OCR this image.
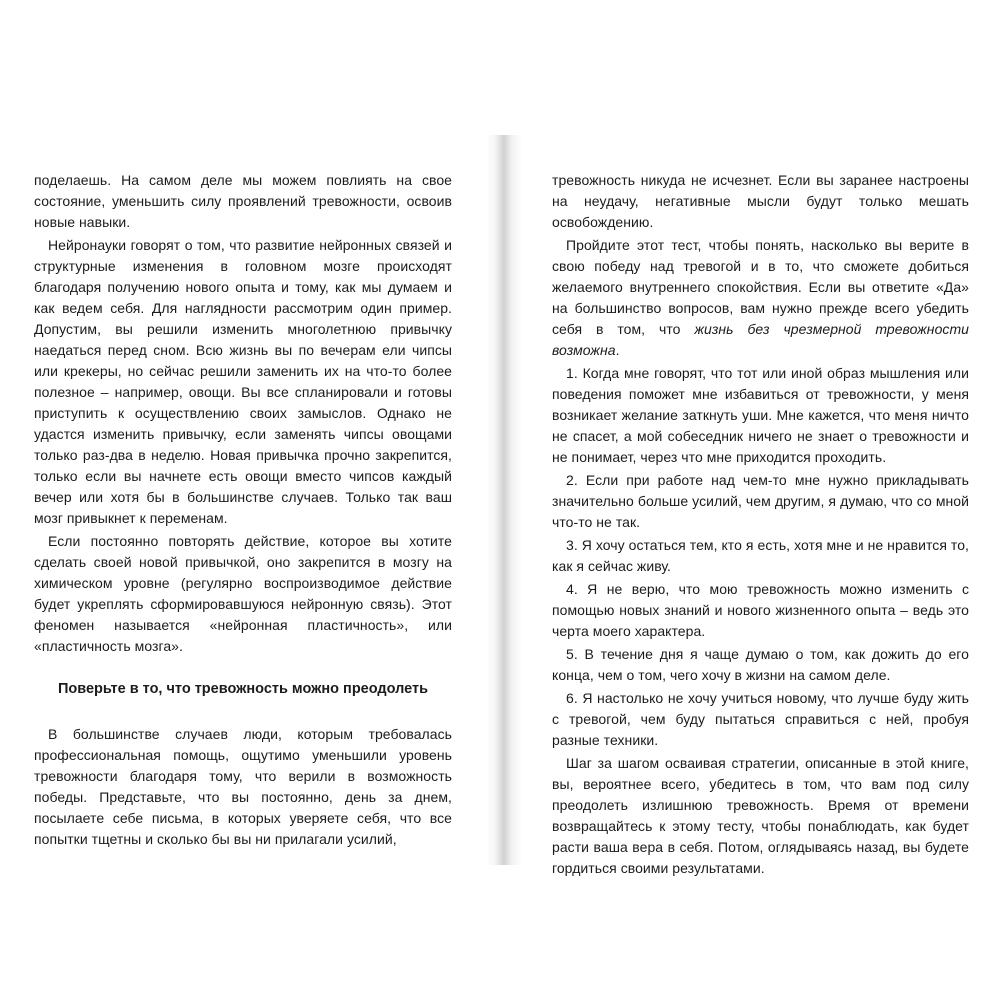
поделаешь. На самом деле мы можем повлиять на свое состояние, уменьшить силу проявлений тревожности, освоив новые навыки.

Нейронауки говорят о том, что развитие нейронных связей и структурные изменения в головном мозге происходят благодаря получению нового опыта и тому, как мы думаем и как ведем себя. Для наглядности рассмотрим один пример. Допустим, вы решили изменить многолетнюю привычку наедаться перед сном. Всю жизнь вы по вечерам ели чипсы или крекеры, но сейчас решили заменить их на что-то более полезное – например, овощи. Вы все спланировали и готовы приступить к осуществлению своих замыслов. Однако не удастся изменить привычку, если заменять чипсы овощами только раз-два в неделю. Новая привычка прочно закрепится, только если вы начнете есть овощи вместо чипсов каждый вечер или хотя бы в большинстве случаев. Только так ваш мозг привыкнет к переменам.

Если постоянно повторять действие, которое вы хотите сделать своей новой привычкой, оно закрепится в мозгу на химическом уровне (регулярно воспроизводимое действие будет укреплять сформировавшуюся нейронную связь). Этот феномен называется «нейронная пластичность», или «пластичность мозга».

Поверьте в то, что тревожность можно преодолеть

В большинстве случаев люди, которым требовалась профессиональная помощь, ощутимо уменьшили уровень тревожности благодаря тому, что верили в возможность победы. Представьте, что вы постоянно, день за днем, посылаете себе письма, в которых уверяете себя, что все попытки тщетны и сколько бы вы ни прилагали усилий,

тревожность никуда не исчезнет. Если вы заранее настроены на неудачу, негативные мысли будут только мешать освобождению.

Пройдите этот тест, чтобы понять, насколько вы верите в свою победу над тревогой и в то, что сможете добиться желаемого внутреннего спокойствия. Если вы ответите «Да» на большинство вопросов, вам нужно прежде всего убедить себя в том, что жизнь без чрезмерной тревожности возможна.

1. Когда мне говорят, что тот или иной образ мышления или поведения поможет мне избавиться от тревожности, у меня возникает желание заткнуть уши. Мне кажется, что меня ничто не спасет, а мой собеседник ничего не знает о тревожности и не понимает, через что мне приходится проходить.

2. Если при работе над чем-то мне нужно прикладывать значительно больше усилий, чем другим, я думаю, что со мной что-то не так.

3. Я хочу остаться тем, кто я есть, хотя мне и не нравится то, как я сейчас живу.

4. Я не верю, что мою тревожность можно изменить с помощью новых знаний и нового жизненного опыта – ведь это черта моего характера.

5. В течение дня я чаще думаю о том, как дожить до его конца, чем о том, чего хочу в жизни на самом деле.

6. Я настолько не хочу учиться новому, что лучше буду жить с тревогой, чем буду пытаться справиться с ней, пробуя разные техники.

Шаг за шагом осваивая стратегии, описанные в этой книге, вы, вероятнее всего, убедитесь в том, что вам под силу преодолеть излишнюю тревожность. Время от времени возвращайтесь к этому тесту, чтобы понаблюдать, как будет расти ваша вера в себя. Потом, оглядываясь назад, вы будете гордиться своими результатами.
